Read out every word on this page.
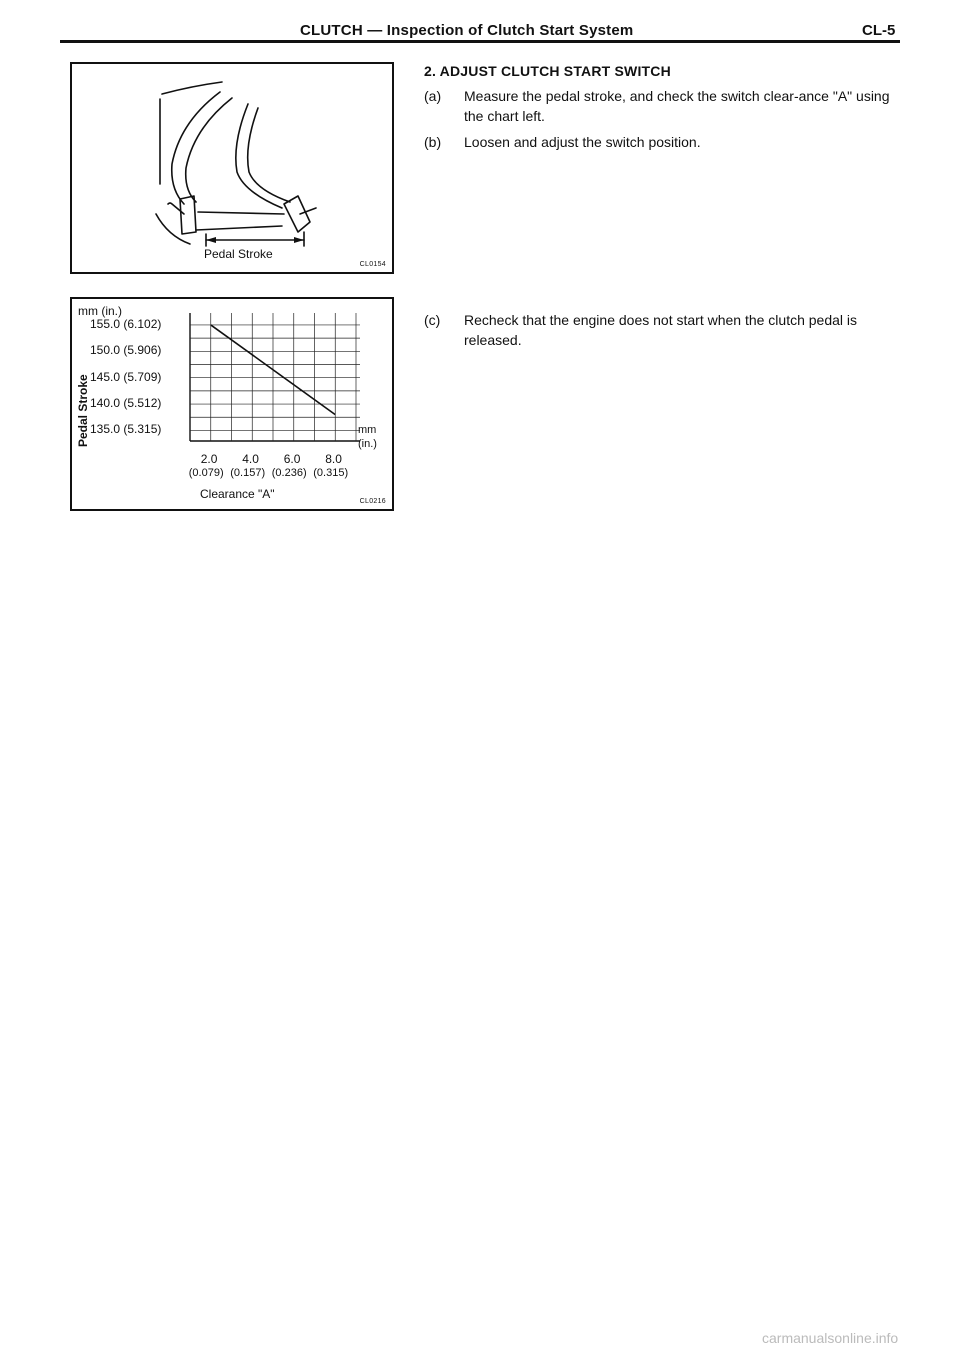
CLUTCH — Inspection of Clutch Start System	CL-5
Pedal Stroke
CL0154
mm (in.)
Pedal Stroke
155.0 (6.102)
150.0 (5.906)
145.0 (5.709)
140.0 (5.512)
135.0 (5.315)	mm
(in.)
2.0
(0.079)
4.0
(0.157)
6.0
(0.236)
8.0
(0.315)
Clearance "A"
CL0216
2. ADJUST CLUTCH START SWITCH
(a) Measure the pedal stroke, and check the switch clear-ance "A" using the chart left.
(b) Loosen and adjust the switch position.
(c) Recheck that the engine does not start when the clutch pedal is released.
carmanualsonline.info
